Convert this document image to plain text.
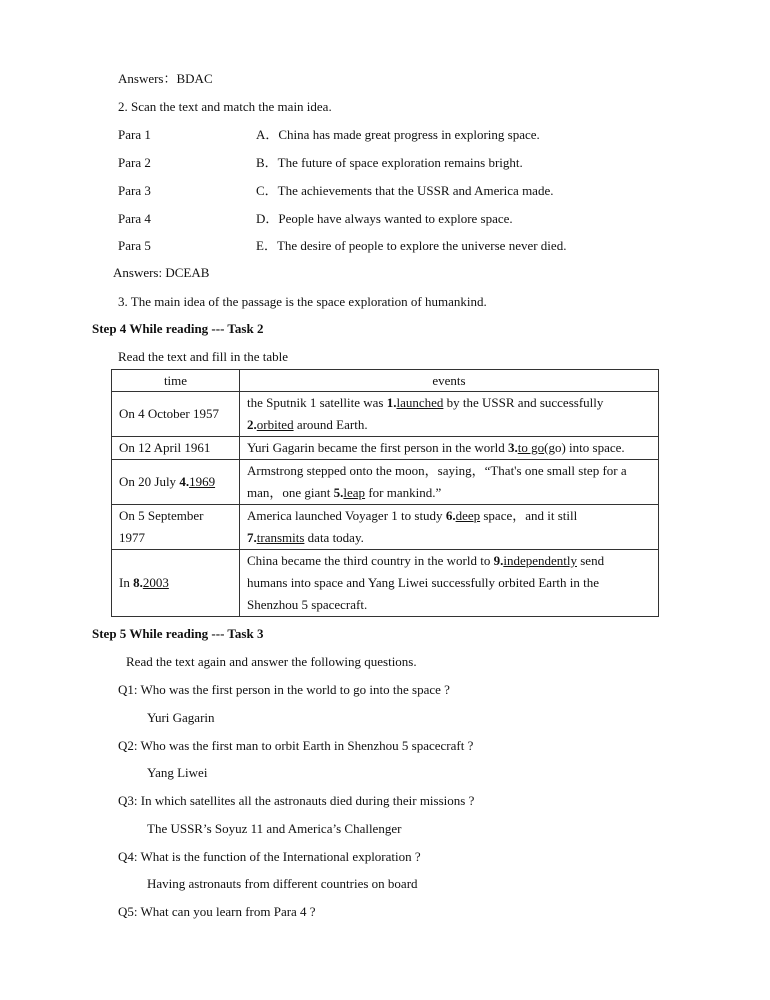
Answers：BDAC
2. Scan the text and match the main idea.
Para 1	A．China has made great progress in exploring space.
Para 2	B．The future of space exploration remains bright.
Para 3	C．The achievements that the USSR and America made.
Para 4	D．People have always wanted to explore space.
Para 5	E．The desire of people to explore the universe never died.
Answers: DCEAB
3. The main idea of the passage is the space exploration of humankind.
Step 4 While reading --- Task 2
Read the text and fill in the table
time	events
On 4 October 1957	the Sputnik 1 satellite was 1.launched by the USSR and successfully
2.orbited around Earth.
On 12 April 1961	Yuri Gagarin became the first person in the world 3.to go(go) into space.
On 20 July 4.1969	Armstrong stepped onto the moon，saying，“That's one small step for a
man，one giant 5.leap for mankind.”
On 5 September
1977	America launched Voyager 1 to study 6.deep space，and it still
7.transmits data today.
In 8.2003	China became the third country in the world to 9.independently send
humans into space and Yang Liwei successfully orbited Earth in the
Shenzhou 5 spacecraft.
Step 5 While reading --- Task 3
Read the text again and answer the following questions.
Q1: Who was the first person in the world to go into the space ?
Yuri Gagarin
Q2: Who was the first man to orbit Earth in Shenzhou 5 spacecraft ?
Yang Liwei
Q3: In which satellites all the astronauts died during their missions ?
The USSR’s Soyuz 11 and America’s Challenger
Q4: What is the function of the International exploration ?
Having astronauts from different countries on board
Q5: What can you learn from Para 4 ?
